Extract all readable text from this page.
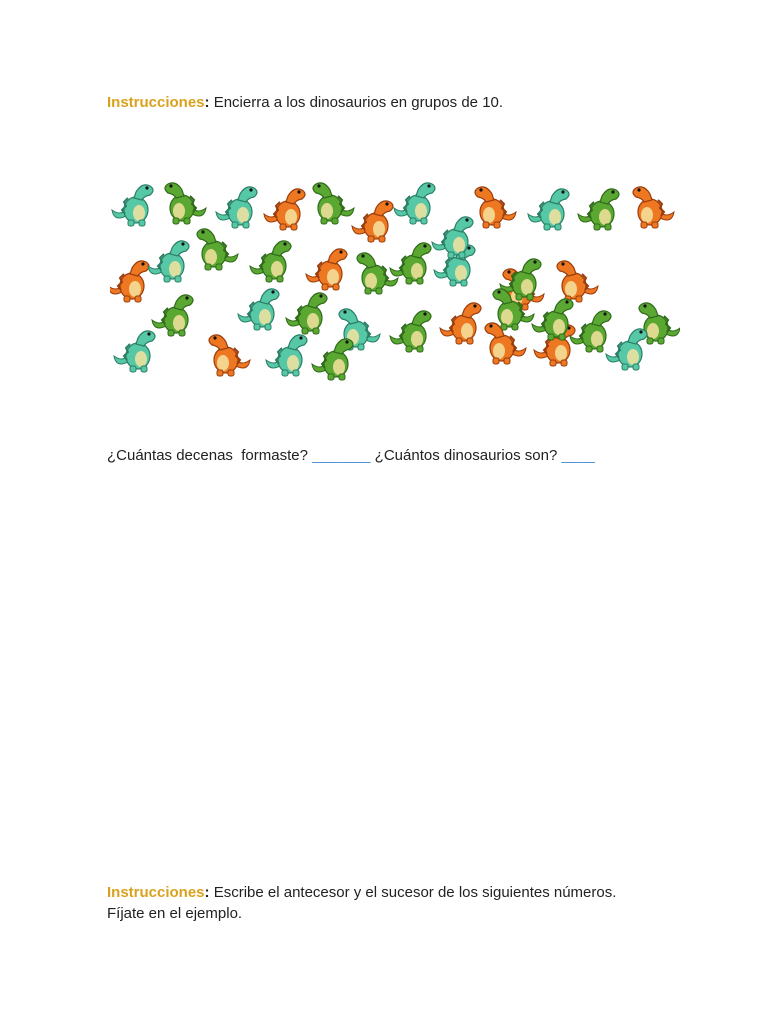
Instrucciones: Encierra a los dinosaurios en grupos de 10.
¿Cuántas decenas  formaste? _______ ¿Cuántos dinosaurios son? ____
Instrucciones: Escribe el antecesor y el sucesor de los siguientes números. Fíjate en el ejemplo.
